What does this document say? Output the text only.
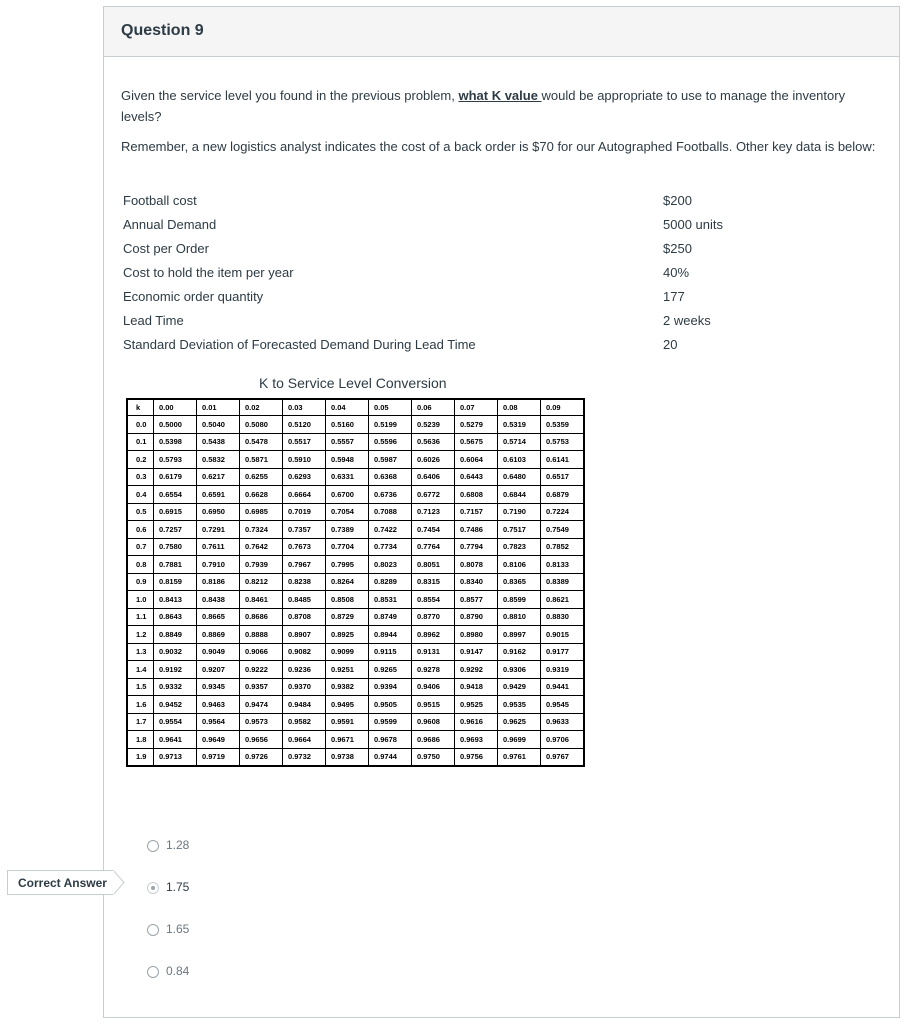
Question 9
Given the service level you found in the previous problem, what K value would be appropriate to use to manage the inventory levels?
Remember, a new logistics analyst indicates the cost of a back order is $70 for our Autographed Footballs. Other key data is below:
Football cost	$200
Annual Demand	5000 units
Cost per Order	$250
Cost to hold the item per year	40%
Economic order quantity	177
Lead Time	2 weeks
Standard Deviation of Forecasted Demand During Lead Time	20
K to Service Level Conversion
k	0.00	0.01	0.02	0.03	0.04	0.05	0.06	0.07	0.08	0.09
0.0	0.5000	0.5040	0.5080	0.5120	0.5160	0.5199	0.5239	0.5279	0.5319	0.5359
0.1	0.5398	0.5438	0.5478	0.5517	0.5557	0.5596	0.5636	0.5675	0.5714	0.5753
0.2	0.5793	0.5832	0.5871	0.5910	0.5948	0.5987	0.6026	0.6064	0.6103	0.6141
0.3	0.6179	0.6217	0.6255	0.6293	0.6331	0.6368	0.6406	0.6443	0.6480	0.6517
0.4	0.6554	0.6591	0.6628	0.6664	0.6700	0.6736	0.6772	0.6808	0.6844	0.6879
0.5	0.6915	0.6950	0.6985	0.7019	0.7054	0.7088	0.7123	0.7157	0.7190	0.7224
0.6	0.7257	0.7291	0.7324	0.7357	0.7389	0.7422	0.7454	0.7486	0.7517	0.7549
0.7	0.7580	0.7611	0.7642	0.7673	0.7704	0.7734	0.7764	0.7794	0.7823	0.7852
0.8	0.7881	0.7910	0.7939	0.7967	0.7995	0.8023	0.8051	0.8078	0.8106	0.8133
0.9	0.8159	0.8186	0.8212	0.8238	0.8264	0.8289	0.8315	0.8340	0.8365	0.8389
1.0	0.8413	0.8438	0.8461	0.8485	0.8508	0.8531	0.8554	0.8577	0.8599	0.8621
1.1	0.8643	0.8665	0.8686	0.8708	0.8729	0.8749	0.8770	0.8790	0.8810	0.8830
1.2	0.8849	0.8869	0.8888	0.8907	0.8925	0.8944	0.8962	0.8980	0.8997	0.9015
1.3	0.9032	0.9049	0.9066	0.9082	0.9099	0.9115	0.9131	0.9147	0.9162	0.9177
1.4	0.9192	0.9207	0.9222	0.9236	0.9251	0.9265	0.9278	0.9292	0.9306	0.9319
1.5	0.9332	0.9345	0.9357	0.9370	0.9382	0.9394	0.9406	0.9418	0.9429	0.9441
1.6	0.9452	0.9463	0.9474	0.9484	0.9495	0.9505	0.9515	0.9525	0.9535	0.9545
1.7	0.9554	0.9564	0.9573	0.9582	0.9591	0.9599	0.9608	0.9616	0.9625	0.9633
1.8	0.9641	0.9649	0.9656	0.9664	0.9671	0.9678	0.9686	0.9693	0.9699	0.9706
1.9	0.9713	0.9719	0.9726	0.9732	0.9738	0.9744	0.9750	0.9756	0.9761	0.9767
1.28
1.75
1.65
0.84
Correct Answer
